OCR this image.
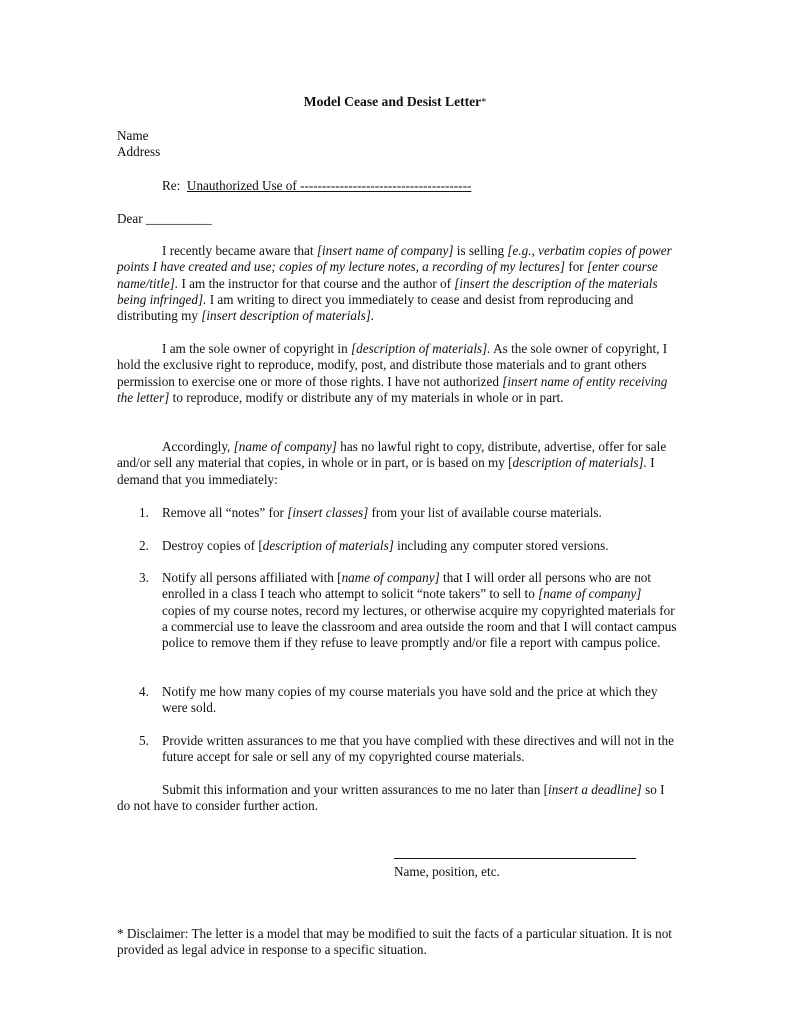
Model Cease and Desist Letter*
Name
Address
Re: Unauthorized Use of ---------------------------------------
Dear __________

I recently became aware that [insert name of company] is selling [e.g., verbatim copies of power points I have created and use; copies of my lecture notes, a recording of my lectures] for [enter course name/title]. I am the instructor for that course and the author of [insert the description of the materials being infringed]. I am writing to direct you immediately to cease and desist from reproducing and distributing my [insert description of materials].

I am the sole owner of copyright in [description of materials]. As the sole owner of copyright, I hold the exclusive right to reproduce, modify, post, and distribute those materials and to grant others permission to exercise one or more of those rights. I have not authorized [insert name of entity receiving the letter] to reproduce, modify or distribute any of my materials in whole or in part.

Accordingly, [name of company] has no lawful right to copy, distribute, advertise, offer for sale and/or sell any material that copies, in whole or in part, or is based on my [description of materials]. I demand that you immediately:

1. Remove all “notes” for [insert classes] from your list of available course materials.
2. Destroy copies of [description of materials] including any computer stored versions.
3. Notify all persons affiliated with [name of company] that I will order all persons who are not enrolled in a class I teach who attempt to solicit “note takers” to sell to [name of company] copies of my course notes, record my lectures, or otherwise acquire my copyrighted materials for a commercial use to leave the classroom and area outside the room and that I will contact campus police to remove them if they refuse to leave promptly and/or file a report with campus police.
4. Notify me how many copies of my course materials you have sold and the price at which they were sold.
5. Provide written assurances to me that you have complied with these directives and will not in the future accept for sale or sell any of my copyrighted course materials.

Submit this information and your written assurances to me no later than [insert a deadline] so I do not have to consider further action.

Name, position, etc.
* Disclaimer: The letter is a model that may be modified to suit the facts of a particular situation. It is not provided as legal advice in response to a specific situation.
